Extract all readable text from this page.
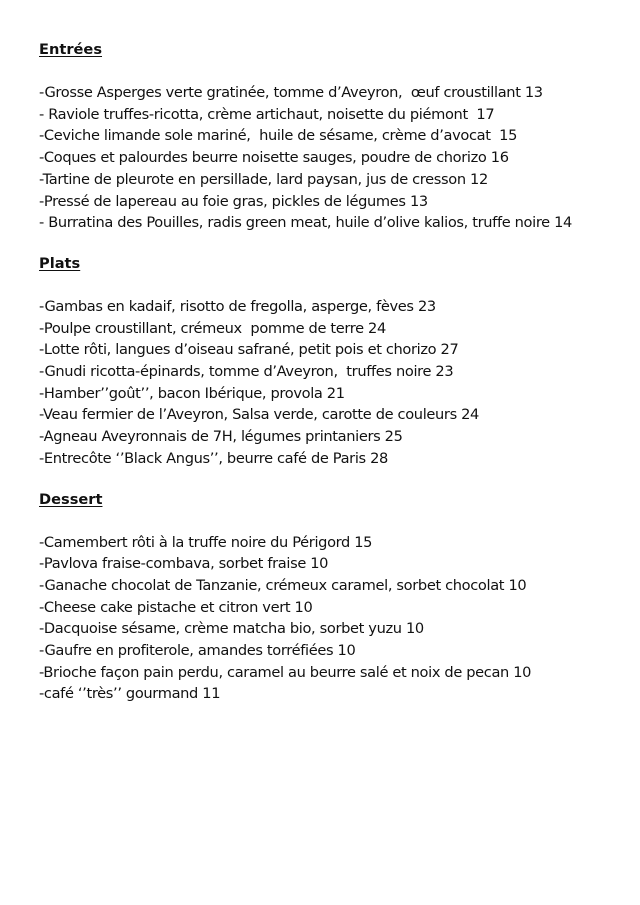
Entrées
-Grosse Asperges verte gratinée, tomme d’Aveyron,  œuf croustillant 13
- Raviole truffes-ricotta, crème artichaut, noisette du piémont  17
-Ceviche limande sole mariné,  huile de sésame, crème d’avocat  15
-Coques et palourdes beurre noisette sauges, poudre de chorizo 16
-Tartine de pleurote en persillade, lard paysan, jus de cresson 12
-Pressé de lapereau au foie gras, pickles de légumes 13
- Burratina des Pouilles, radis green meat, huile d’olive kalios, truffe noire 14
Plats
-Gambas en kadaif, risotto de fregolla, asperge, fèves 23
-Poulpe croustillant, crémeux  pomme de terre 24
-Lotte rôti, langues d’oiseau safrané, petit pois et chorizo 27
-Gnudi ricotta-épinards, tomme d’Aveyron,  truffes noire 23
-Hamber’’goût’’, bacon Ibérique, provola 21
-Veau fermier de l’Aveyron, Salsa verde, carotte de couleurs 24
-Agneau Aveyronnais de 7H, légumes printaniers 25
-Entrecôte ‘’Black Angus’’, beurre café de Paris 28
Dessert
-Camembert rôti à la truffe noire du Périgord 15
-Pavlova fraise-combava, sorbet fraise 10
-Ganache chocolat de Tanzanie, crémeux caramel, sorbet chocolat 10
-Cheese cake pistache et citron vert 10
-Dacquoise sésame, crème matcha bio, sorbet yuzu 10
-Gaufre en profiterole, amandes torréfiées 10
-Brioche façon pain perdu, caramel au beurre salé et noix de pecan 10
-café ‘’très’’ gourmand 11
